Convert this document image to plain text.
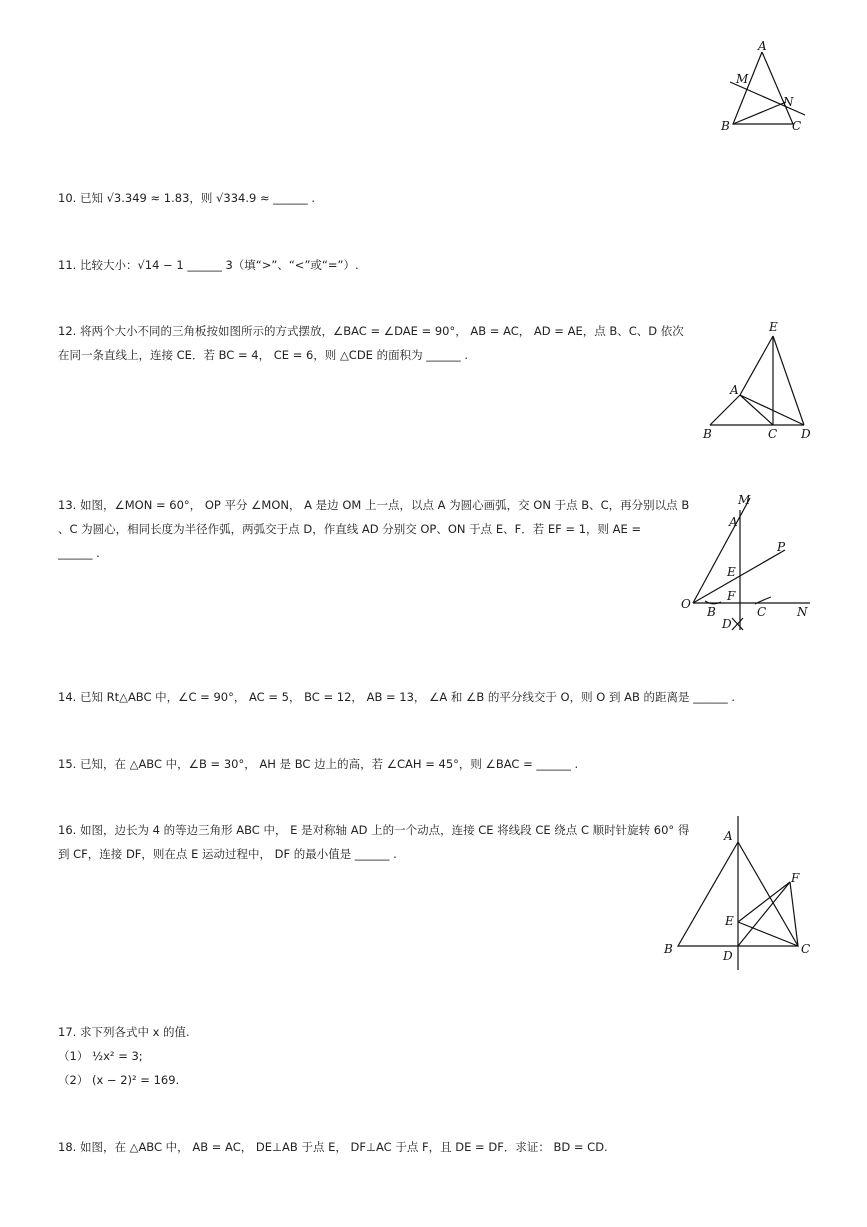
A
M
N
B	C
10. 已知 √3.349 ≈ 1.83，则 √334.9 ≈ ______ .
11. 比较大小：√14 − 1 ______ 3（填“>”、“<”或“=”）.
12. 将两个大小不同的三角板按如图所示的方式摆放，∠BAC = ∠DAE = 90°， AB = AC， AD = AE，点 B、C、D 依次
在同一条直线上，连接 CE．若 BC = 4， CE = 6，则 △CDE 的面积为 ______ .
E
A
B	C D
13. 如图，∠MON = 60°， OP 平分 ∠MON， A 是边 OM 上一点，以点 A 为圆心画弧，交 ON 于点 B、C，再分别以点 B
、C 为圆心，相同长度为半径作弧，两弧交于点 D，作直线 AD 分别交 OP、ON 于点 E、F．若 EF = 1，则 AE =
______ .
M
A
P
E
F
O
B	C	N
D
14. 已知 Rt△ABC 中，∠C = 90°， AC = 5， BC = 12， AB = 13， ∠A 和 ∠B 的平分线交于 O，则 O 到 AB 的距离是 ______ .
15. 已知，在 △ABC 中，∠B = 30°， AH 是 BC 边上的高，若 ∠CAH = 45°，则 ∠BAC = ______ .
16. 如图，边长为 4 的等边三角形 ABC 中， E 是对称轴 AD 上的一个动点，连接 CE 将线段 CE 绕点 C 顺时针旋转 60° 得
到 CF，连接 DF，则在点 E 运动过程中， DF 的最小值是 ______ .
A
F
E
B	D	C
17. 求下列各式中 x 的值.
（1） ½x² = 3;
（2） (x − 2)² = 169.
18. 如图，在 △ABC 中， AB = AC， DE⊥AB 于点 E， DF⊥AC 于点 F，且 DE = DF．求证： BD = CD.
